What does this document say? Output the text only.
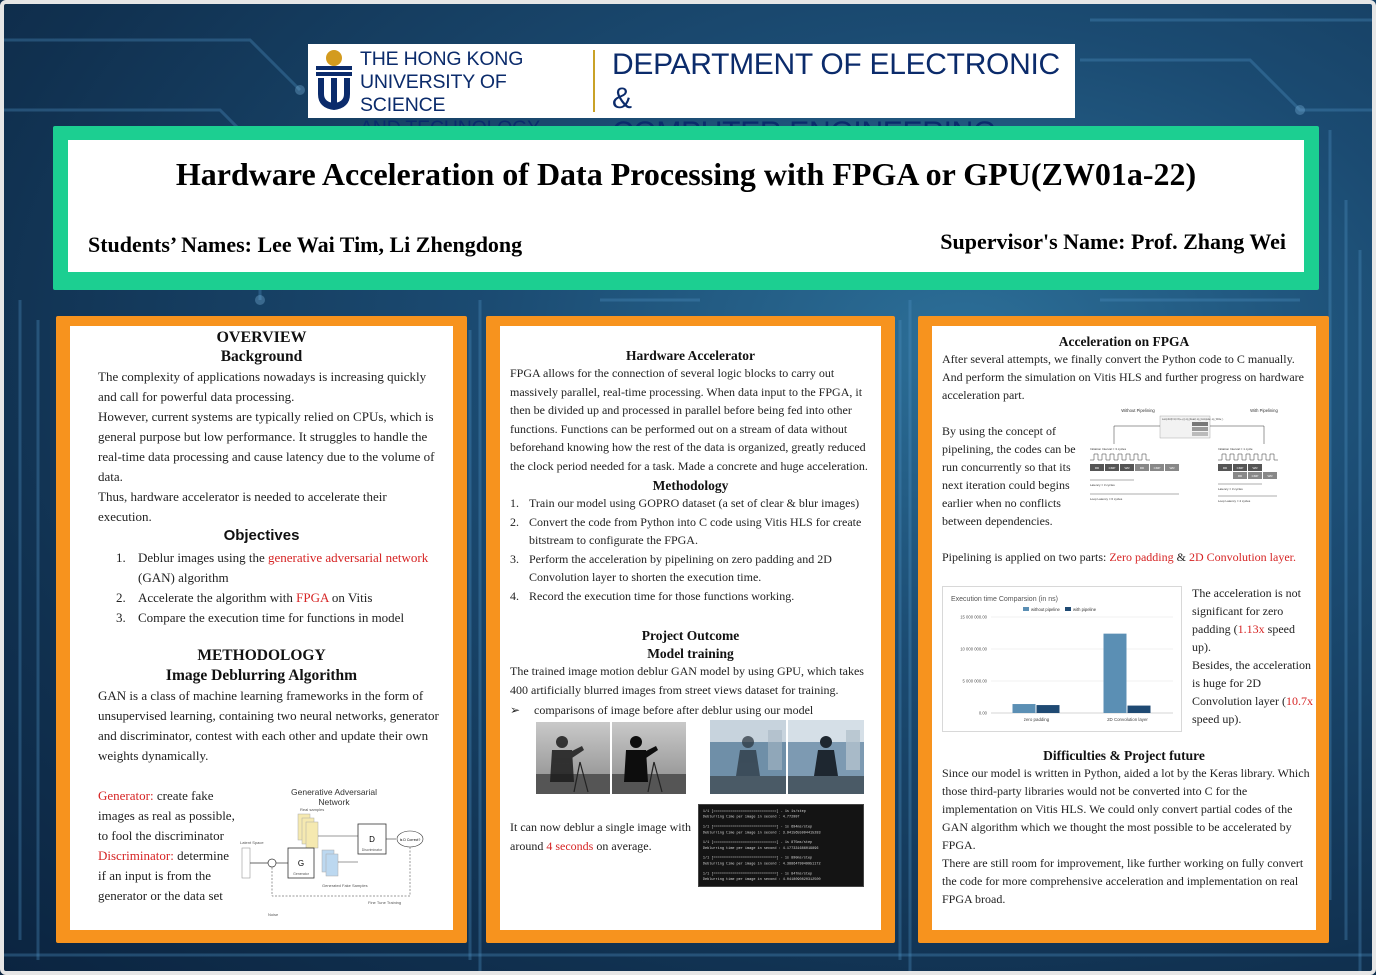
THE HONG KONG
UNIVERSITY OF SCIENCE
DEPARTMENT OF ELECTRONIC &
Hardware Acceleration of Data Processing with FPGA or GPU(ZW01a-22)
Students’ Names: Lee Wai Tim, Li Zhengdong	Supervisor's Name: Prof. Zhang Wei
OVERVIEW
Background
The complexity of applications nowadays is increasing quickly and call for powerful data processing.
However, current systems are typically relied on CPUs, which is general purpose but low performance. It struggles to handle the real-time data processing and cause latency due to the volume of data.
Thus, hardware accelerator is needed to accelerate their execution.
Objectives
1. Deblur images using the generative adversarial network (GAN) algorithm
2. Accelerate the algorithm with FPGA on Vitis
3. Compare the execution time for functions in model
METHODOLOGY
Image Deblurring Algorithm
GAN is a class of machine learning frameworks in the form of unsupervised learning, containing two neural networks, generator and discriminator, contest with each other and update their own weights dynamically.
Generator: create fake images as real as possible, to fool the discriminator
Discriminator: determine if an input is from the generator or the data set
Generative Adversarial
Network
Real samples
Latent Space
G
Generator
Generated Fake Samples
D
Discriminator
Is D Correct?
Fine Tune Training
Noise
Hardware Accelerator
FPGA allows for the connection of several logic blocks to carry out massively parallel, real-time processing. When data input to the FPGA, it then be divided up and processed in parallel before being fed into other functions. Functions can be performed out on a stream of data without beforehand knowing how the rest of the data is organized, greatly reduced the clock period needed for a task. Made a concrete and huge acceleration.
Methodology
1. Train our model using GOPRO dataset (a set of clear & blur images)
2. Convert the code from Python into C code using Vitis HLS for create bitstream to configurate the FPGA.
3. Perform the acceleration by pipelining on zero padding and 2D Convolution layer to shorten the execution time.
4. Record the execution time for those functions working.
Project Outcome
Model training
The trained image motion deblur GAN model by using GPU, which takes 400 artificially blurred images from street views dataset for training.
➢ comparisons of image before after deblur using our model
It can now deblur a single image with around 4 seconds on average.
1/1 [==============================] - 1s 1s/step
Deblurring time per image in second : 4.772997
1/1 [==============================] - 1s 694ms/step
Deblurring time per image in second : 3.9415655994415283
1/1 [==============================] - 1s 875ms/step
Deblurring time per image in second : 4.177331686019896
1/1 [==============================] - 1s 890ms/step
Deblurring time per image in second : 4.3886479949951172
1/1 [==============================] - 1s 847ms/step
Deblurring time per image in second : 4.0418090820312500
Acceleration on FPGA
After several attempts, we finally convert the Python code to C manually. And perform the simulation on Vitis HLS and further progress on hardware acceleration part.
By using the concept of pipelining, the codes can be run concurrently so that its next iteration could begins earlier when no conflicts between dependencies.
Without Pipelining	With Pipelining
Loop:for(i=1;i<3;i++) { op_Read; op_Compute; op_Write; }
Initiation Interval = 3 cycles	Initiation Interval = 1 cycle
RD	CMP	WR	RD	CMP	WR	RD	CMP	WR
RD	CMP	WR
Latency = 3 cycles
Loop Latency = 6 cycles
Latency = 3 cycles
Loop Latency = 4 cycles
Pipelining is applied on two parts: Zero padding & 2D Convolution layer.
Execution time Comparsion (in ns)
without pipeline	with pipeline
0.00
5 000 000.00
10 000 000.00
15 000 000.00
zero padding	2D Convolution layer
The acceleration is not significant for zero padding (1.13x speed up).
Besides, the acceleration is huge for 2D Convolution layer (10.7x speed up).
Difficulties & Project future
Since our model is written in Python, aided a lot by the Keras library. Which those third-party libraries would not be converted into C for the implementation on Vitis HLS. We could only convert partial codes of the GAN algorithm which we thought the most possible to be accelerated by FPGA.
There are still room for improvement, like further working on fully convert the code for more comprehensive acceleration and implementation on real FPGA broad.
